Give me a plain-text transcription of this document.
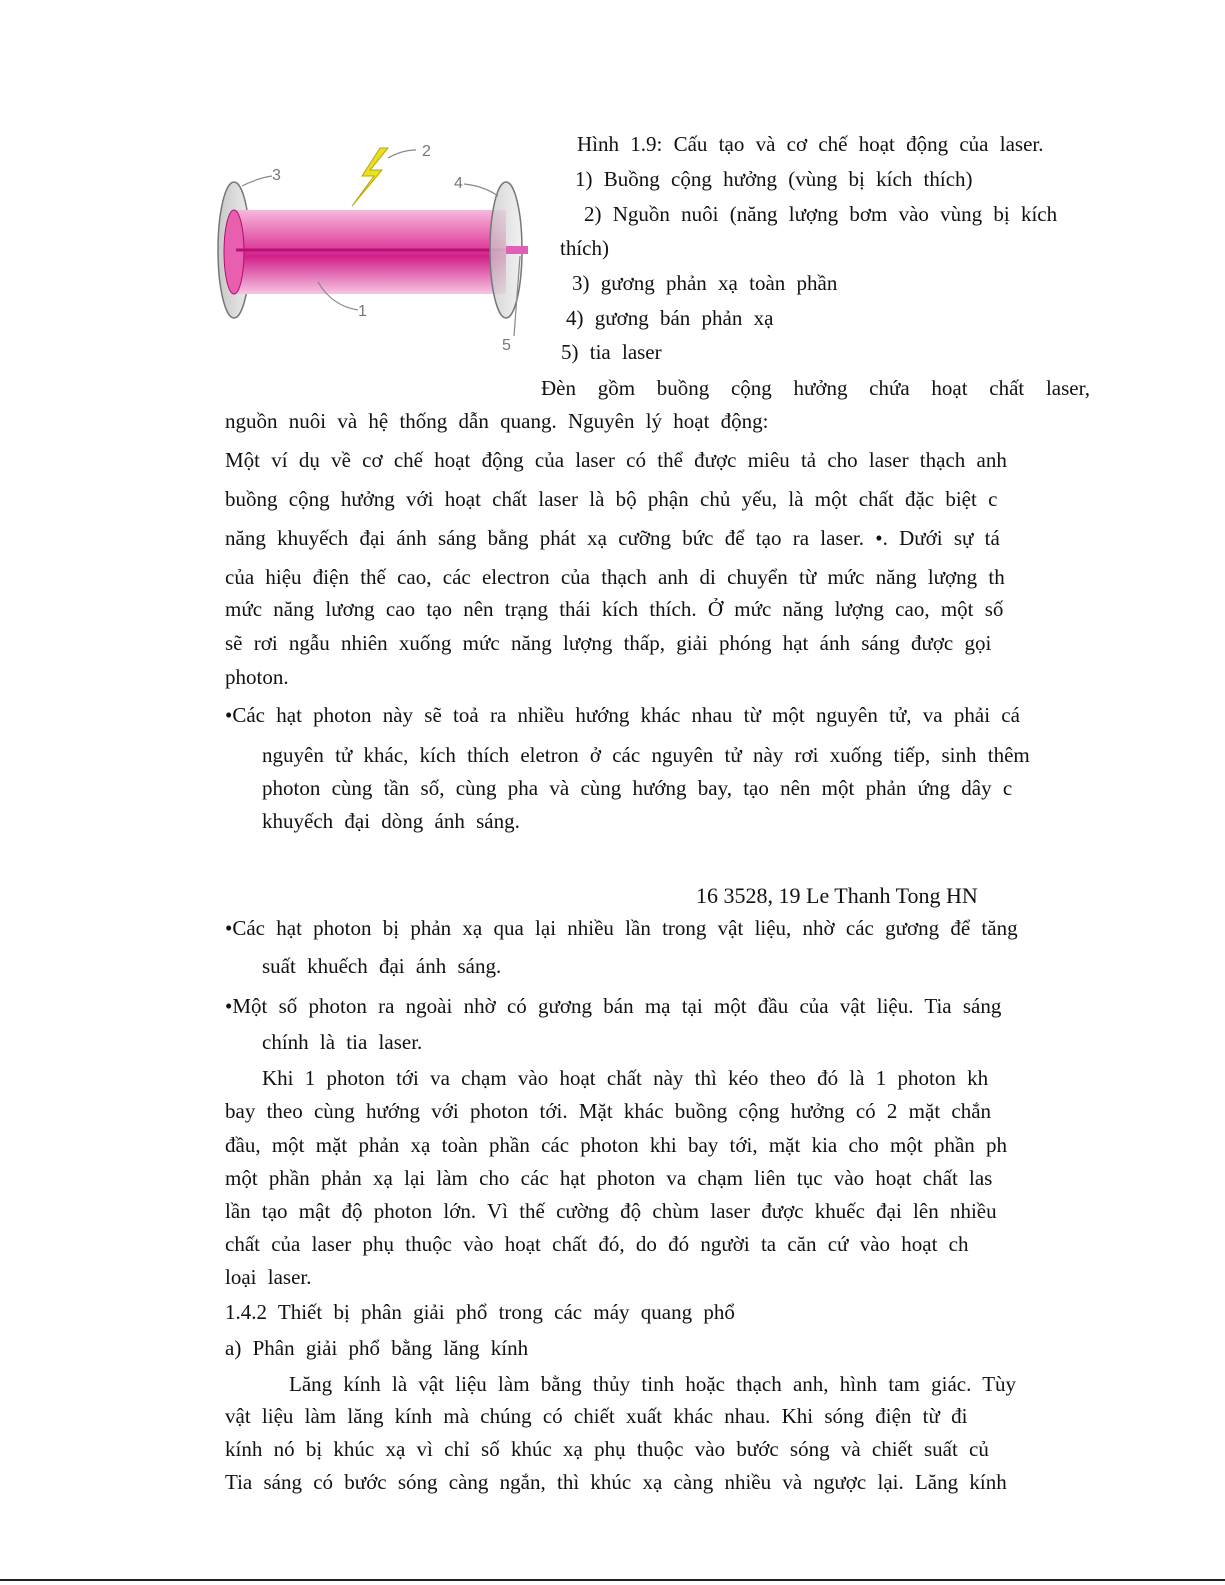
2
3	4
1
5
Hình 1.9: Cấu tạo và cơ chế hoạt động của laser.
1) Buồng cộng hưởng (vùng bị kích thích)
2) Nguồn nuôi (năng lượng bơm vào vùng bị kích
thích)
3) gương phản xạ toàn phần
4) gương bán phản xạ
5) tia laser
Đèn gồm buồng cộng hưởng chứa hoạt chất laser,
nguồn nuôi và hệ thống dẫn quang. Nguyên lý hoạt động:
Một ví dụ về cơ chế hoạt động của laser có thể được miêu tả cho laser thạch anh
buồng cộng hưởng với hoạt chất laser là bộ phận chủ yếu, là một chất đặc biệt c
năng khuyếch đại ánh sáng bằng phát xạ cưỡng bức để tạo ra laser. •. Dưới sự tá
của hiệu điện thế cao, các electron của thạch anh di chuyển từ mức năng lượng th
mức năng lương cao tạo nên trạng thái kích thích. Ở mức năng lượng cao, một số
sẽ rơi ngẫu nhiên xuống mức năng lượng thấp, giải phóng hạt ánh sáng được gọi
photon.
•Các hạt photon này sẽ toả ra nhiều hướng khác nhau từ một nguyên tử, va phải cá
nguyên tử khác, kích thích eletron ở các nguyên tử này rơi xuống tiếp, sinh thêm
photon cùng tần số, cùng pha và cùng hướng bay, tạo nên một phản ứng dây c
khuyếch đại dòng ánh sáng.
16 3528, 19 Le Thanh Tong HN
•Các hạt photon bị phản xạ qua lại nhiều lần trong vật liệu, nhờ các gương để tăng
suất khuếch đại ánh sáng.
•Một số photon ra ngoài nhờ có gương bán mạ tại một đầu của vật liệu. Tia sáng
chính là tia laser.
Khi 1 photon tới va chạm vào hoạt chất này thì kéo theo đó là 1 photon kh
bay theo cùng hướng với photon tới. Mặt khác buồng cộng hưởng có 2 mặt chắn
đầu, một mặt phản xạ toàn phần các photon khi bay tới, mặt kia cho một phần ph
một phần phản xạ lại làm cho các hạt photon va chạm liên tục vào hoạt chất las
lần tạo mật độ photon lớn. Vì thế cường độ chùm laser được khuếc đại lên nhiều
chất của laser phụ thuộc vào hoạt chất đó, do đó người ta căn cứ vào hoạt ch
loại laser.
1.4.2 Thiết bị phân giải phổ trong các máy quang phổ
a) Phân giải phổ bằng lăng kính
Lăng kính là vật liệu làm bằng thủy tinh hoặc thạch anh, hình tam giác. Tùy
vật liệu làm lăng kính mà chúng có chiết xuất khác nhau. Khi sóng điện từ đi
kính nó bị khúc xạ vì chỉ số khúc xạ phụ thuộc vào bước sóng và chiết suất củ
Tia sáng có bước sóng càng ngắn, thì khúc xạ càng nhiều và ngược lại. Lăng kính
